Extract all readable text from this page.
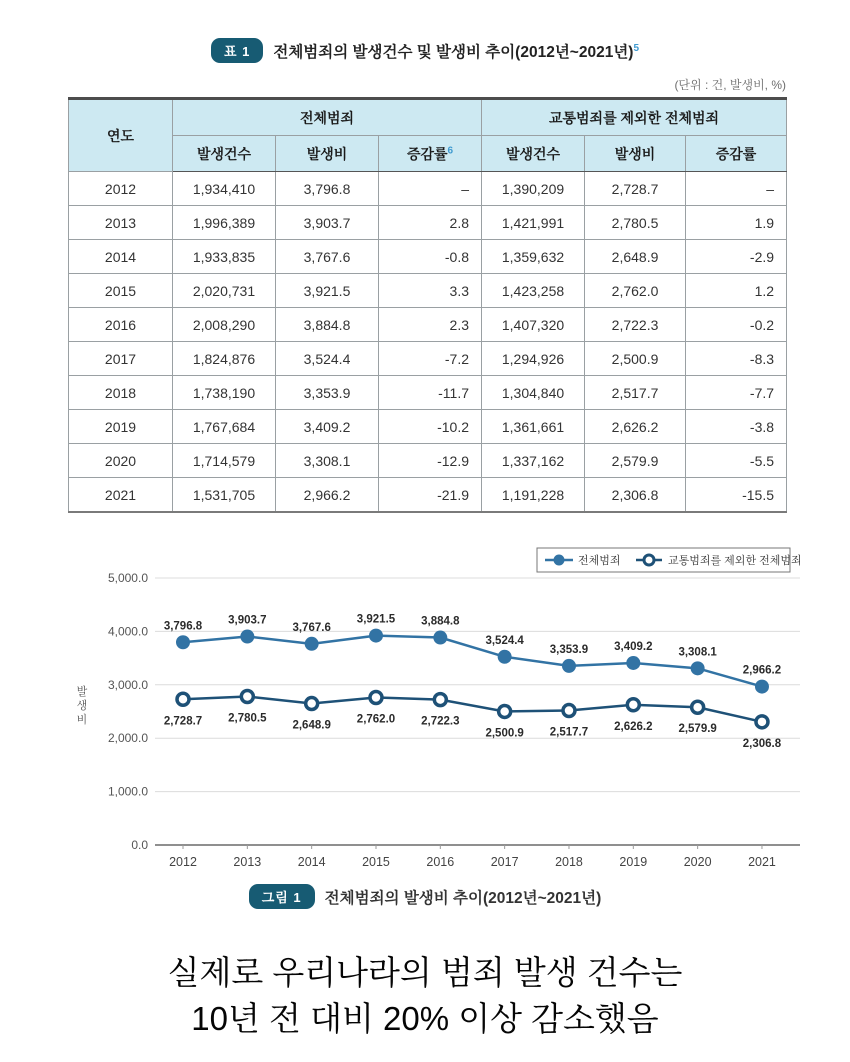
표 1	전체범죄의 발생건수 및 발생비 추이(2012년~2021년)$^5$
(단위 : 건, 발생비, %)
연도	전체범죄			교통범죄를 제외한 전체범죄		
	발생건수	발생비	증감률$^6$	발생건수	발생비	증감률
2012	1,934,410	3,796.8	–	1,390,209	2,728.7	–
2013	1,996,389	3,903.7	2.8	1,421,991	2,780.5	1.9
2014	1,933,835	3,767.6	-0.8	1,359,632	2,648.9	-2.9
2015	2,020,731	3,921.5	3.3	1,423,258	2,762.0	1.2
2016	2,008,290	3,884.8	2.3	1,407,320	2,722.3	-0.2
2017	1,824,876	3,524.4	-7.2	1,294,926	2,500.9	-8.3
2018	1,738,190	3,353.9	-11.7	1,304,840	2,517.7	-7.7
2019	1,767,684	3,409.2	-10.2	1,361,661	2,626.2	-3.8
2020	1,714,579	3,308.1	-12.9	1,337,162	2,579.9	-5.5
2021	1,531,705	2,966.2	-21.9	1,191,228	2,306.8	-15.5
0.0
1,000.0
2,000.0
3,000.0
4,000.0
5,000.0
발
생
비
2012	2013	2014	2015	2016	2017	2018	2019	2020	2021
3,796.8 3,903.7
3,767.6
3,921.5 3,884.8
3,524.4
3,353.9 3,409.2 3,308.1
2,966.2
2,728.7 2,780.5
2,648.9
2,762.0 2,722.3
2,500.9 2,517.7 2,626.2 2,579.9
2,306.8
전체범죄	교통범죄를 제외한 전체범죄
그림 1	전체범죄의 발생비 추이(2012년~2021년)
실제로 우리나라의 범죄 발생 건수는
10년 전 대비 20% 이상 감소했음
